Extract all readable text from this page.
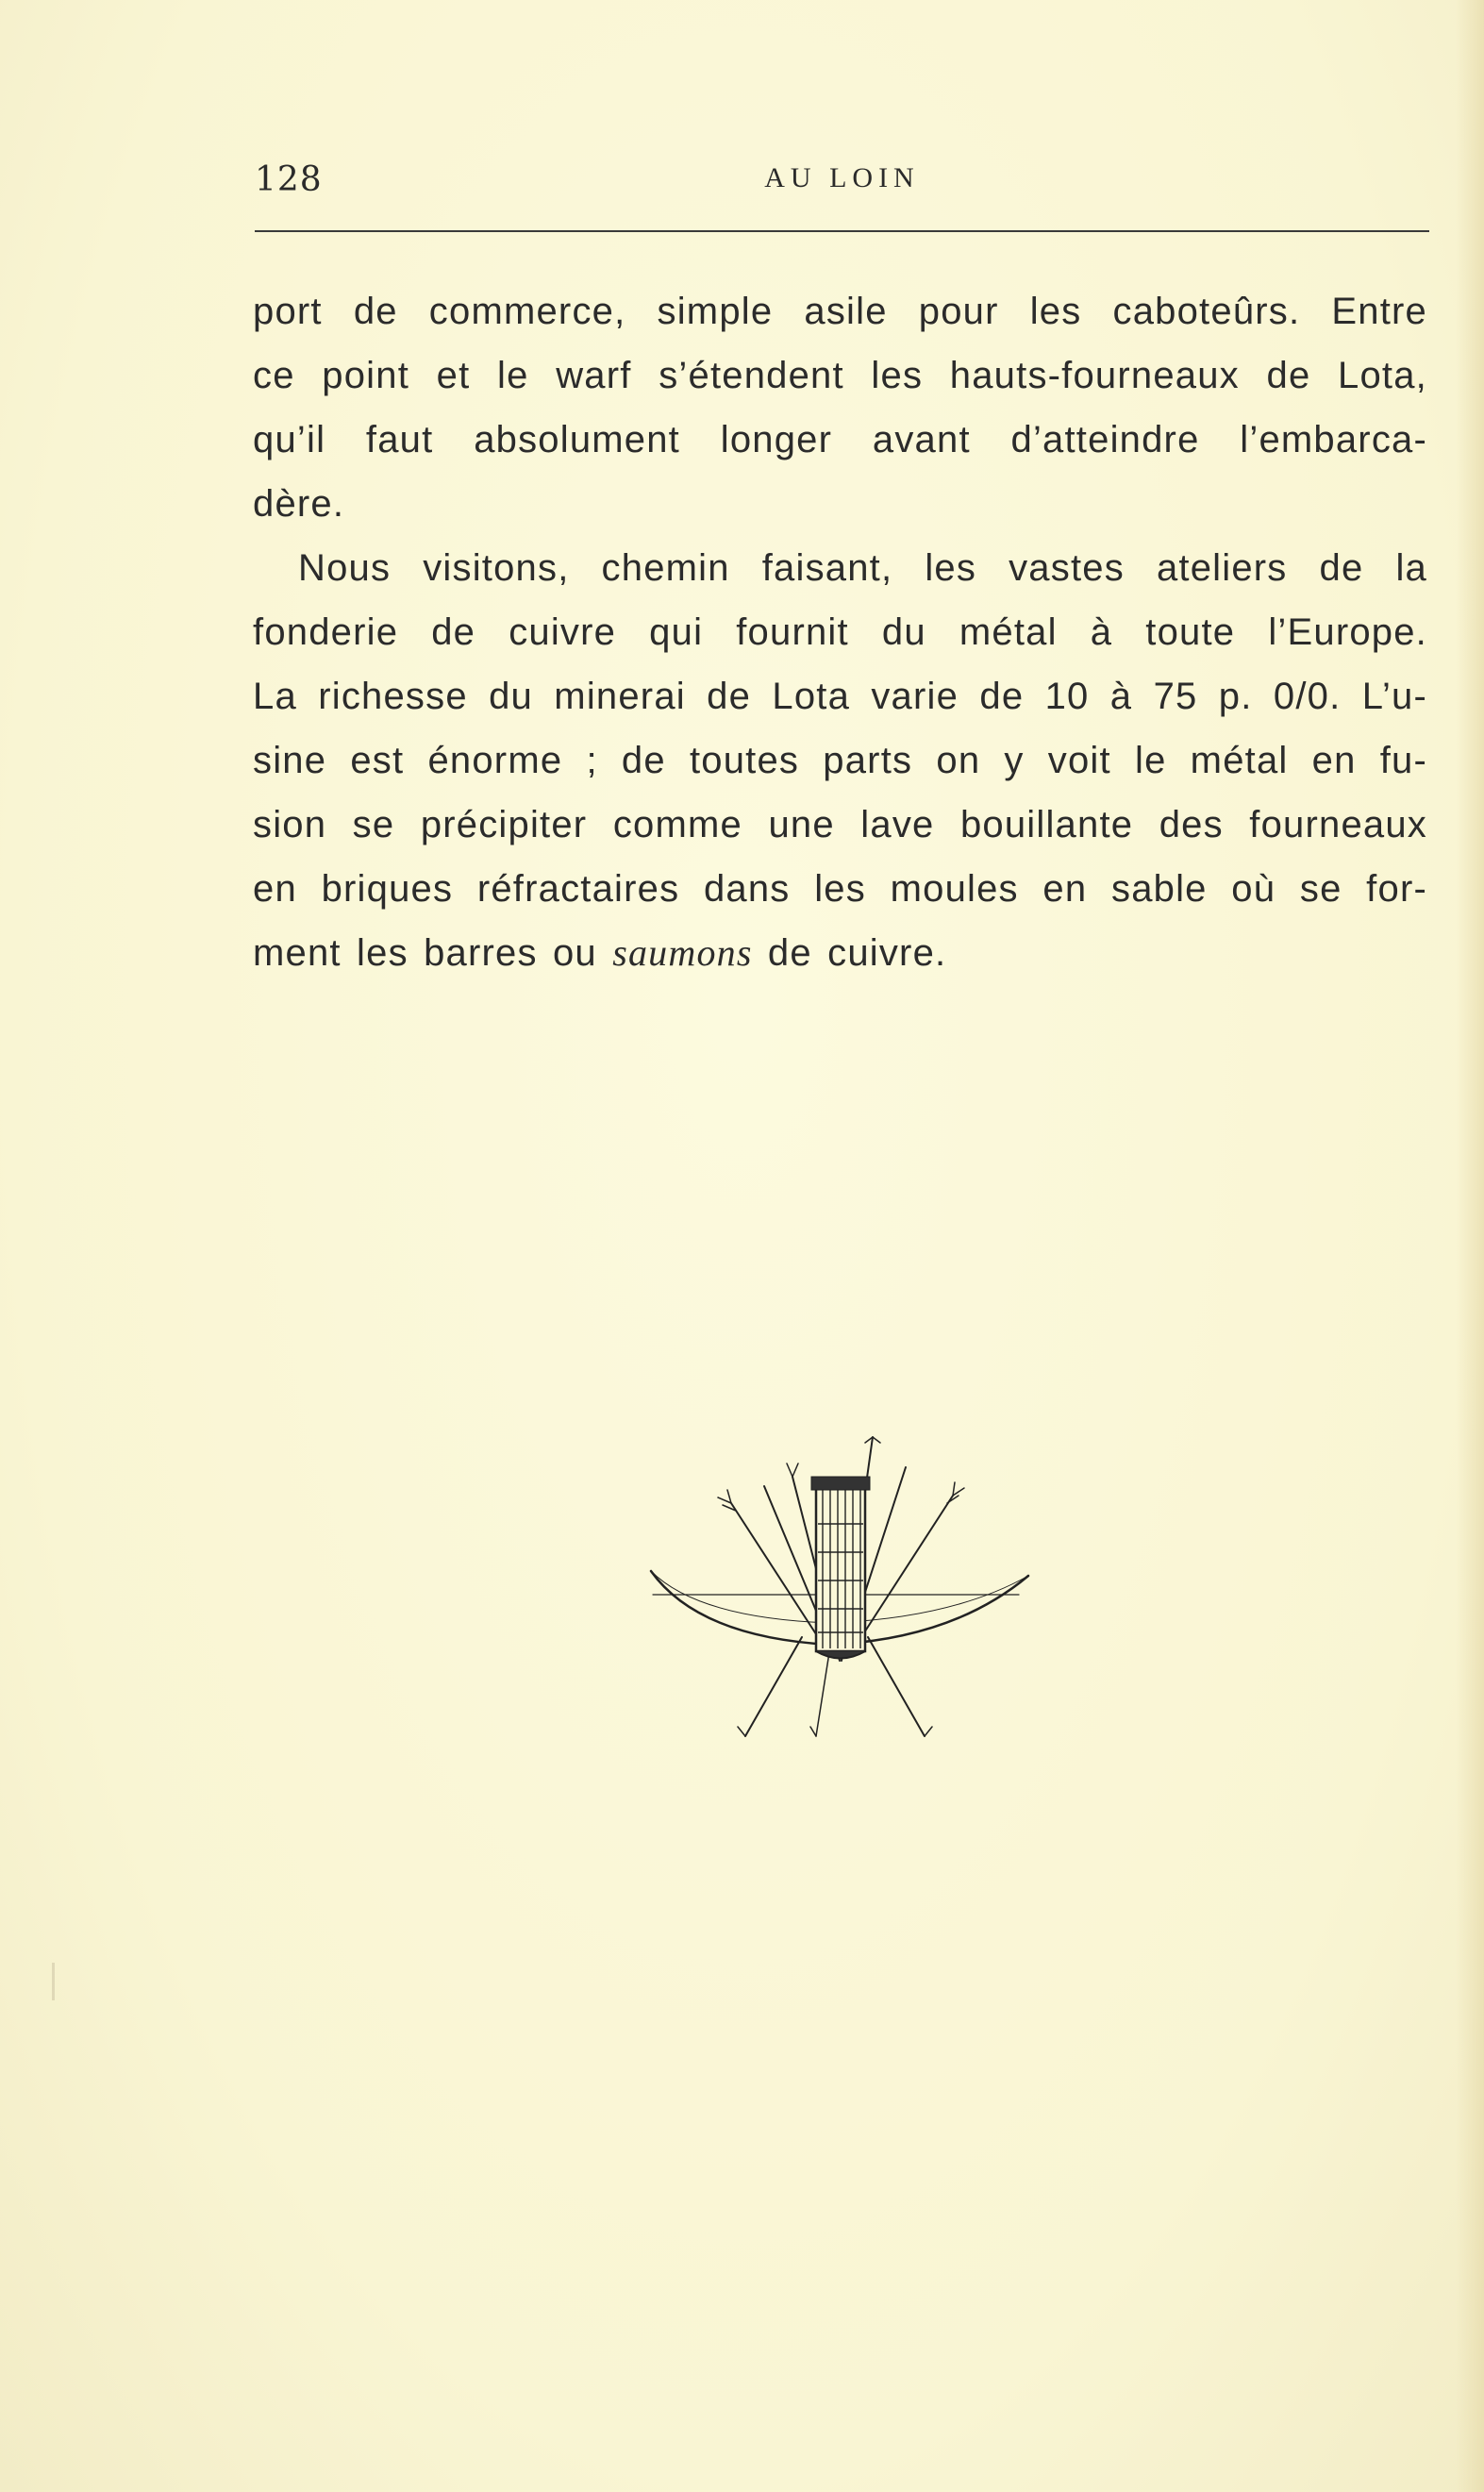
128	AU LOIN

port de commerce, simple asile pour les caboteûrs. Entre
ce point et le warf s’étendent les hauts-fourneaux de Lota,
qu’il faut absolument longer avant d’atteindre l’embarca-
dère.

Nous visitons, chemin faisant, les vastes ateliers de la
fonderie de cuivre qui fournit du métal à toute l’Europe.
La richesse du minerai de Lota varie de 10 à 75 p. 0/0. L’u-
sine est énorme ; de toutes parts on y voit le métal en fu-
sion se précipiter comme une lave bouillante des fourneaux
en briques réfractaires dans les moules en sable où se for-
ment les barres ou saumons de cuivre.
